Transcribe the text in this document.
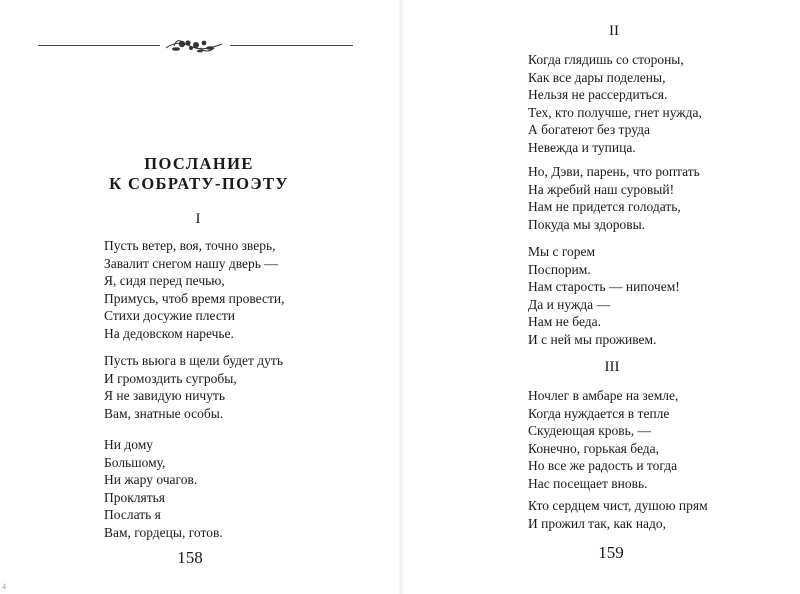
ПОСЛАНИЕ
К СОБРАТУ-ПОЭТУ
I
Пусть ветер, воя, точно зверь,
Завалит снегом нашу дверь —
Я, сидя перед печью,
Примусь, чтоб время провести,
Стихи досужие плести
На дедовском наречье.
Пусть вьюга в щели будет дуть
И громоздить сугробы,
Я не завидую ничуть
Вам, знатные особы.
Ни дому
Большому,
Ни жару очагов.
Проклятья
Послать я
Вам, гордецы, готов.
158
II
Когда глядишь со стороны,
Как все дары поделены,
Нельзя не рассердиться.
Тех, кто получше, гнет нужда,
А богатеют без труда
Невежда и тупица.
Но, Дэви, парень, что роптать
На жребий наш суровый!
Нам не придется голодать,
Покуда мы здоровы.
Мы с горем
Поспорим.
Нам старость — нипочем!
Да и нужда —
Нам не беда.
И с ней мы проживем.
III
Ночлег в амбаре на земле,
Когда нуждается в тепле
Скудеющая кровь, —
Конечно, горькая беда,
Но все же радость и тогда
Нас посещает вновь.
Кто сердцем чист, душою прям
И прожил так, как надо,
159
4
